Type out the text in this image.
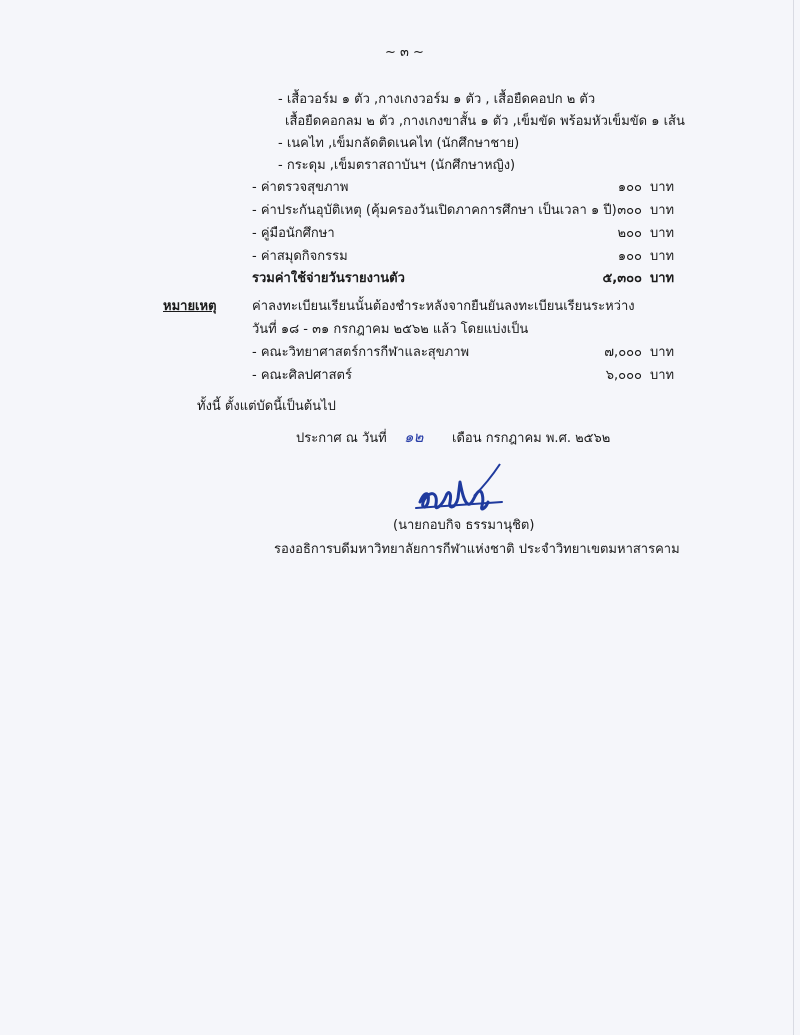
~ ๓ ~
- เสื้อวอร์ม ๑ ตัว ,กางเกงวอร์ม ๑ ตัว , เสื้อยืดคอปก ๒ ตัว
เสื้อยืดคอกลม ๒ ตัว ,กางเกงขาสั้น ๑ ตัว ,เข็มขัด พร้อมหัวเข็มขัด ๑ เส้น
- เนคไท ,เข็มกลัดติดเนคไท (นักศึกษาชาย)
- กระดุม ,เข็มตราสถาบันฯ (นักศึกษาหญิง)
- ค่าตรวจสุขภาพ	๑๐๐ บาท
- ค่าประกันอุบัติเหตุ (คุ้มครองวันเปิดภาคการศึกษา เป็นเวลา ๑ ปี) ๓๐๐ บาท
- คู่มือนักศึกษา	๒๐๐ บาท
- ค่าสมุดกิจกรรม	๑๐๐ บาท
รวมค่าใช้จ่ายวันรายงานตัว	๕,๓๐๐ บาท
หมายเหตุ	ค่าลงทะเบียนเรียนนั้นต้องชำระหลังจากยืนยันลงทะเบียนเรียนระหว่าง
วันที่ ๑๘ - ๓๑ กรกฎาคม ๒๕๖๒ แล้ว โดยแบ่งเป็น
- คณะวิทยาศาสตร์การกีฬาและสุขภาพ	๗,๐๐๐ บาท
- คณะศิลปศาสตร์	๖,๐๐๐ บาท
ทั้งนี้ ตั้งแต่บัดนี้เป็นต้นไป
ประกาศ ณ วันที่ ๑๒ เดือน กรกฎาคม พ.ศ. ๒๕๖๒
(นายกอบกิจ ธรรมานุชิต)
รองอธิการบดีมหาวิทยาลัยการกีฬาแห่งชาติ ประจำวิทยาเขตมหาสารคาม
